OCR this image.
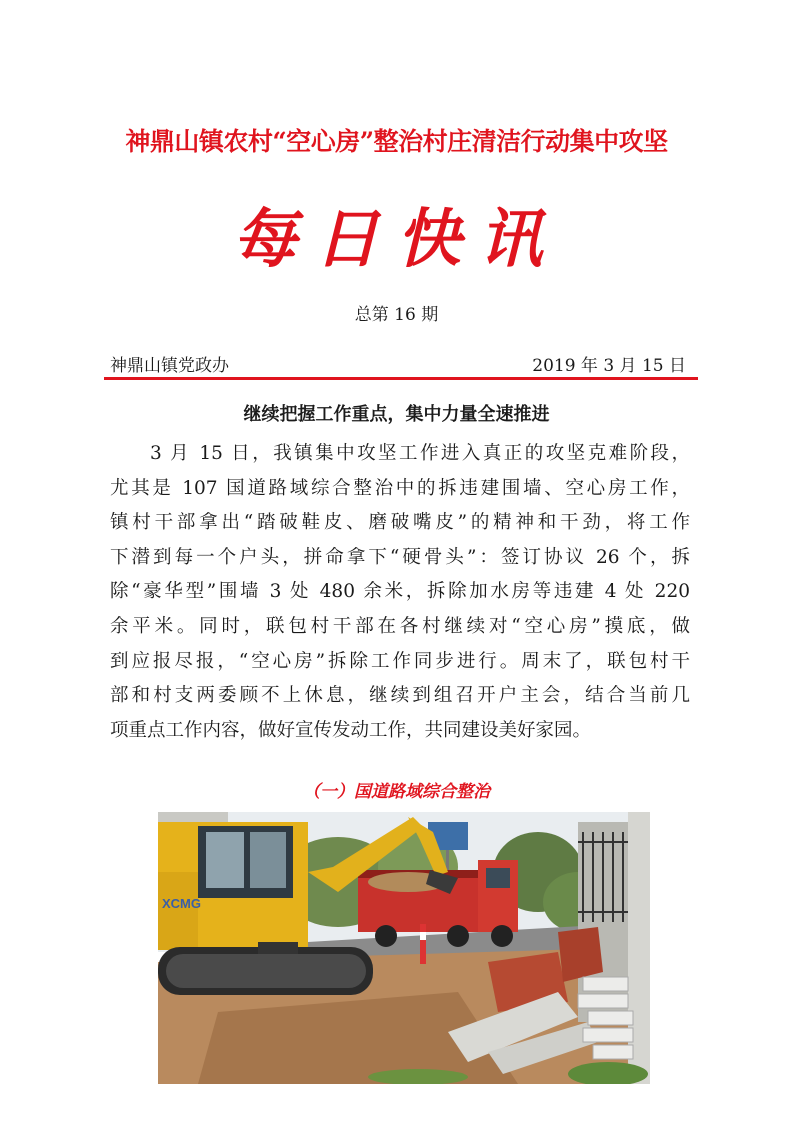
神鼎山镇农村“空心房”整治村庄清洁行动集中攻坚
每日快讯
总第 16 期
神鼎山镇党政办	2019 年 3 月 15 日
继续把握工作重点，集中力量全速推进
3 月 15 日，我镇集中攻坚工作进入真正的攻坚克难阶段，
尤其是 107 国道路域综合整治中的拆违建围墙、空心房工作，
镇村干部拿出“踏破鞋皮、磨破嘴皮”的精神和干劲，将工作
下潜到每一个户头，拼命拿下“硬骨头”：签订协议 26 个，拆
除“豪华型”围墙 3 处 480 余米，拆除加水房等违建 4 处 220
余平米。同时，联包村干部在各村继续对“空心房”摸底，做
到应报尽报，“空心房”拆除工作同步进行。周末了，联包村干
部和村支两委顾不上休息，继续到组召开户主会，结合当前几
项重点工作内容，做好宣传发动工作，共同建设美好家园。
（一）国道路域综合整治
XCMG
